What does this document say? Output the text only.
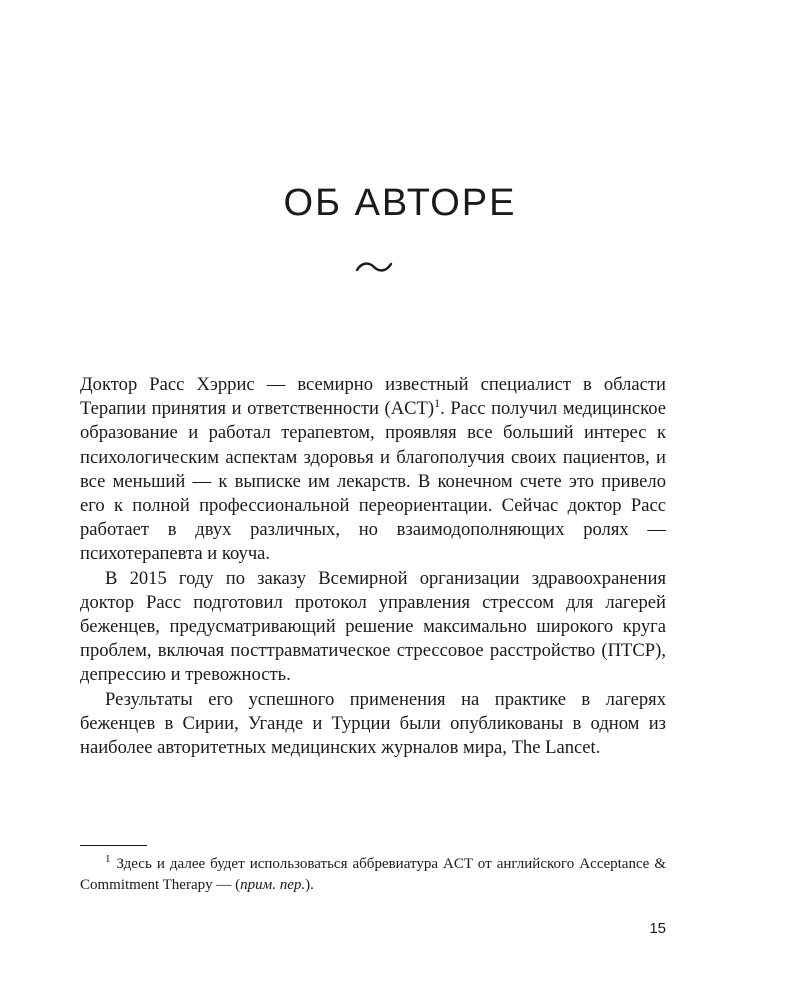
ОБ АВТОРЕ

Доктор Расс Хэррис — всемирно известный специалист в области Терапии принятия и ответственности (ACT)$^1$. Расс получил медицинское образование и работал терапевтом, проявляя все больший интерес к психологическим аспектам здоровья и благополучия своих пациентов, и все меньший — к выписке им лекарств. В конечном счете это привело его к полной профессиональной переориентации. Сейчас доктор Расс работает в двух различных, но взаимодополняющих ролях — психотерапевта и коуча.

В 2015 году по заказу Всемирной организации здравоохранения доктор Расс подготовил протокол управления стрессом для лагерей беженцев, предусматривающий решение максимально широкого круга проблем, включая посттравматическое стрессовое расстройство (ПТСР), депрессию и тревожность.

Результаты его успешного применения на практике в лагерях беженцев в Сирии, Уганде и Турции были опубликованы в одном из наиболее авторитетных медицинских журналов мира, The Lancet.

$^1$ Здесь и далее будет использоваться аббревиатура ACT от английского Acceptance & Commitment Therapy — (прим. пер.).

15
